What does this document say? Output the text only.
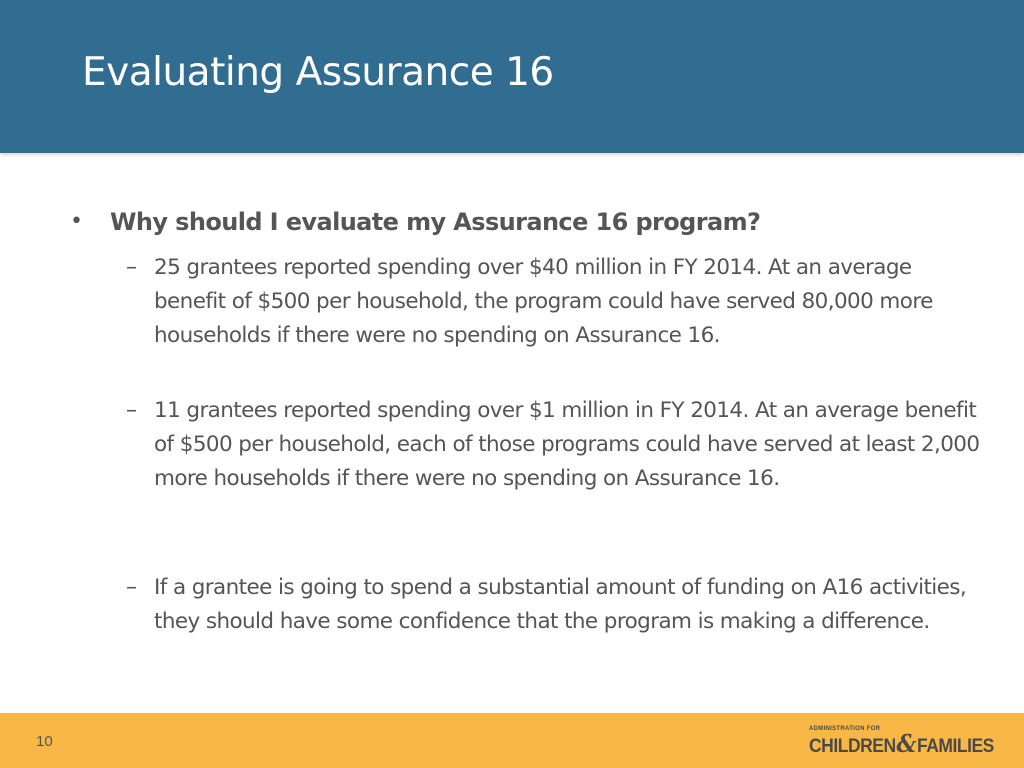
Evaluating Assurance 16
•	Why should I evaluate my Assurance 16 program?
– 25 grantees reported spending over $40 million in FY 2014. At an average benefit of $500 per household, the program could have served 80,000 more households if there were no spending on Assurance 16.
– 11 grantees reported spending over $1 million in FY 2014. At an average benefit of $500 per household, each of those programs could have served at least 2,000 more households if there were no spending on Assurance 16.
– If a grantee is going to spend a substantial amount of funding on A16 activities, they should have some confidence that the program is making a difference.
10
ADMINISTRATION FOR
CHILDREN & FAMILIES
